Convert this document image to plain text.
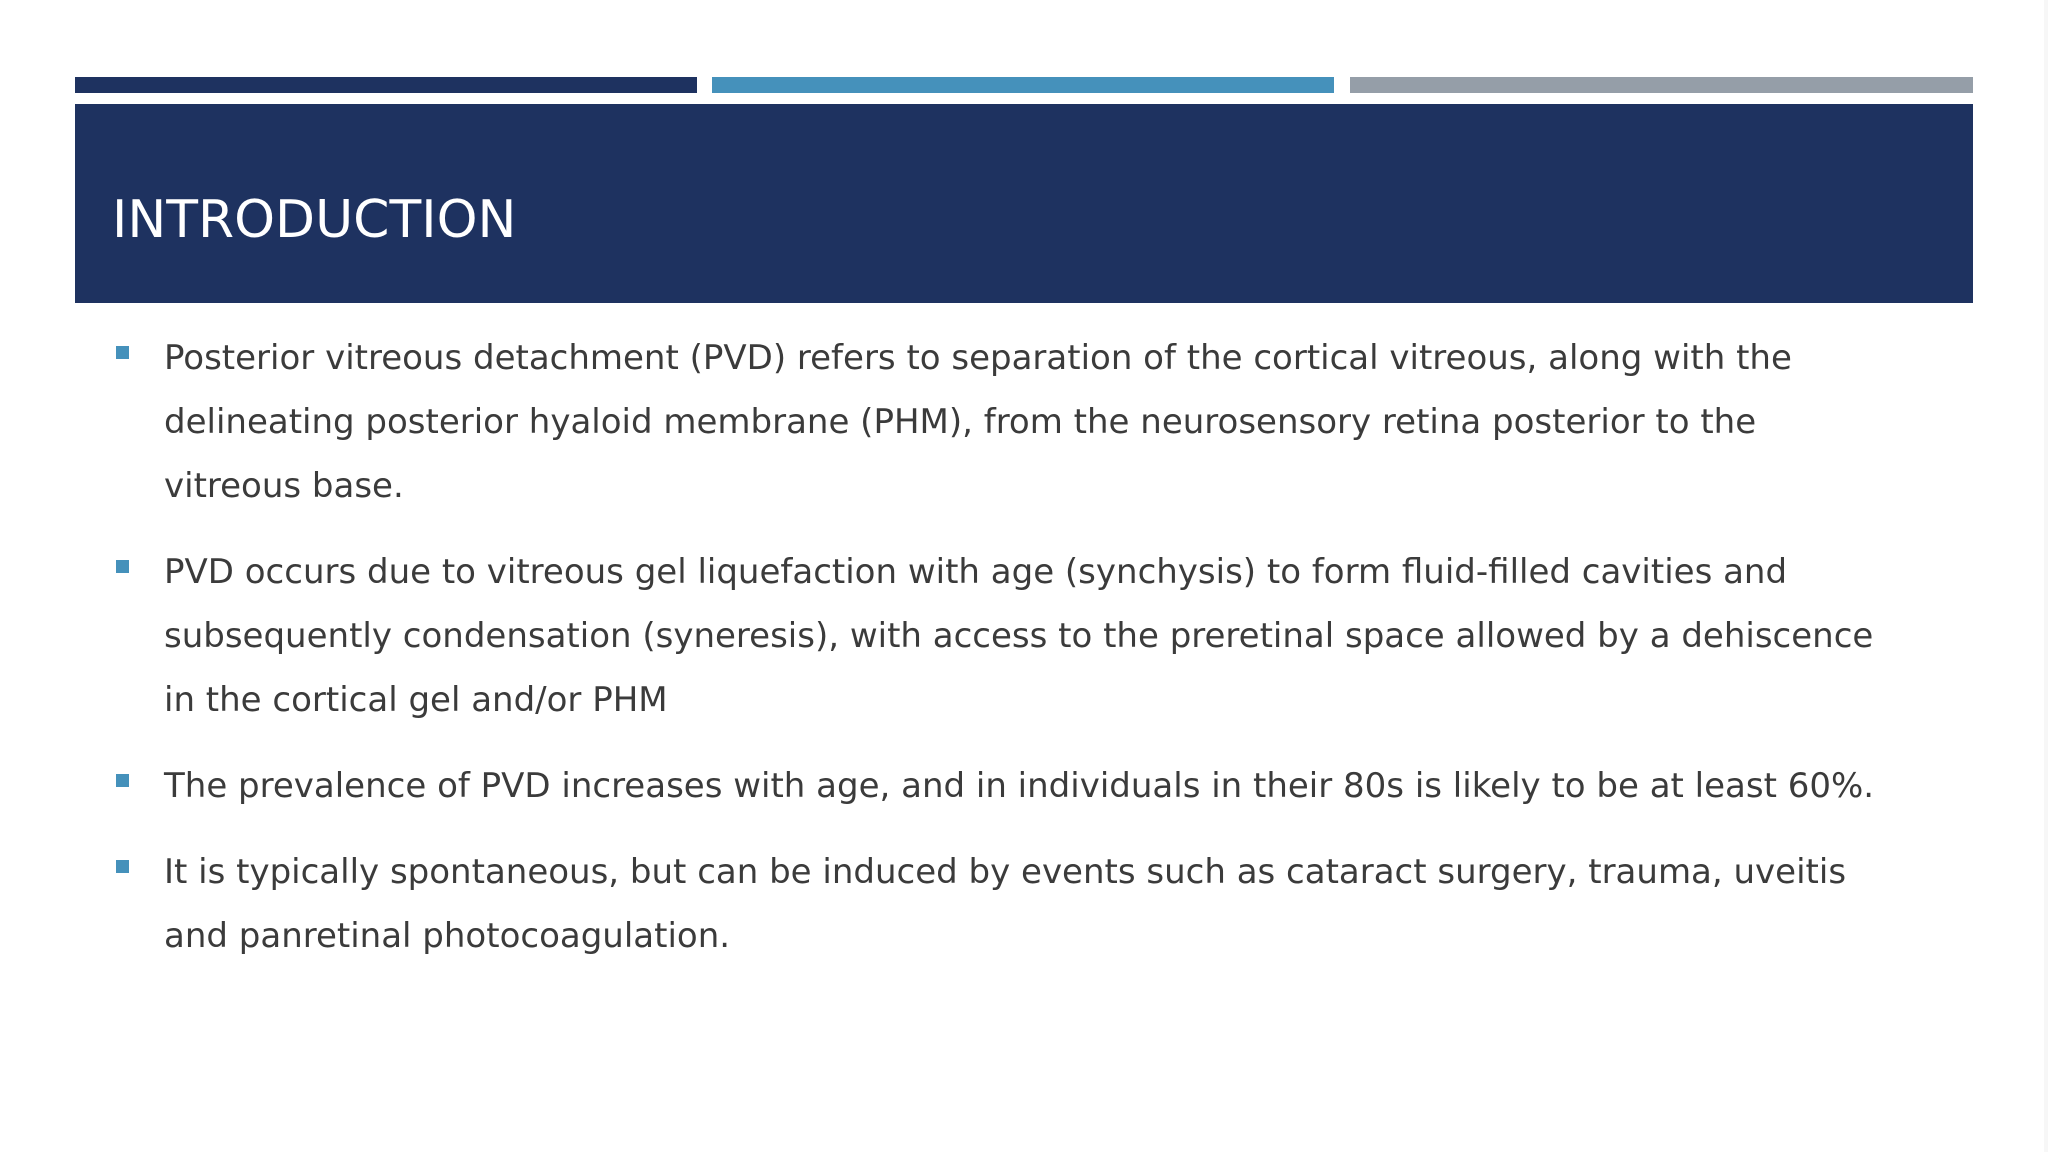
INTRODUCTION
Posterior vitreous detachment (PVD) refers to separation of the cortical vitreous, along with the delineating posterior hyaloid membrane (PHM), from the neurosensory retina posterior to the vitreous base.
PVD occurs due to vitreous gel liquefaction with age (synchysis) to form fluid-filled cavities and subsequently condensation (syneresis), with access to the preretinal space allowed by a dehiscence in the cortical gel and/or PHM
The prevalence of PVD increases with age, and in individuals in their 80s is likely to be at least 60%.
It is typically spontaneous, but can be induced by events such as cataract surgery, trauma, uveitis and panretinal photocoagulation.
